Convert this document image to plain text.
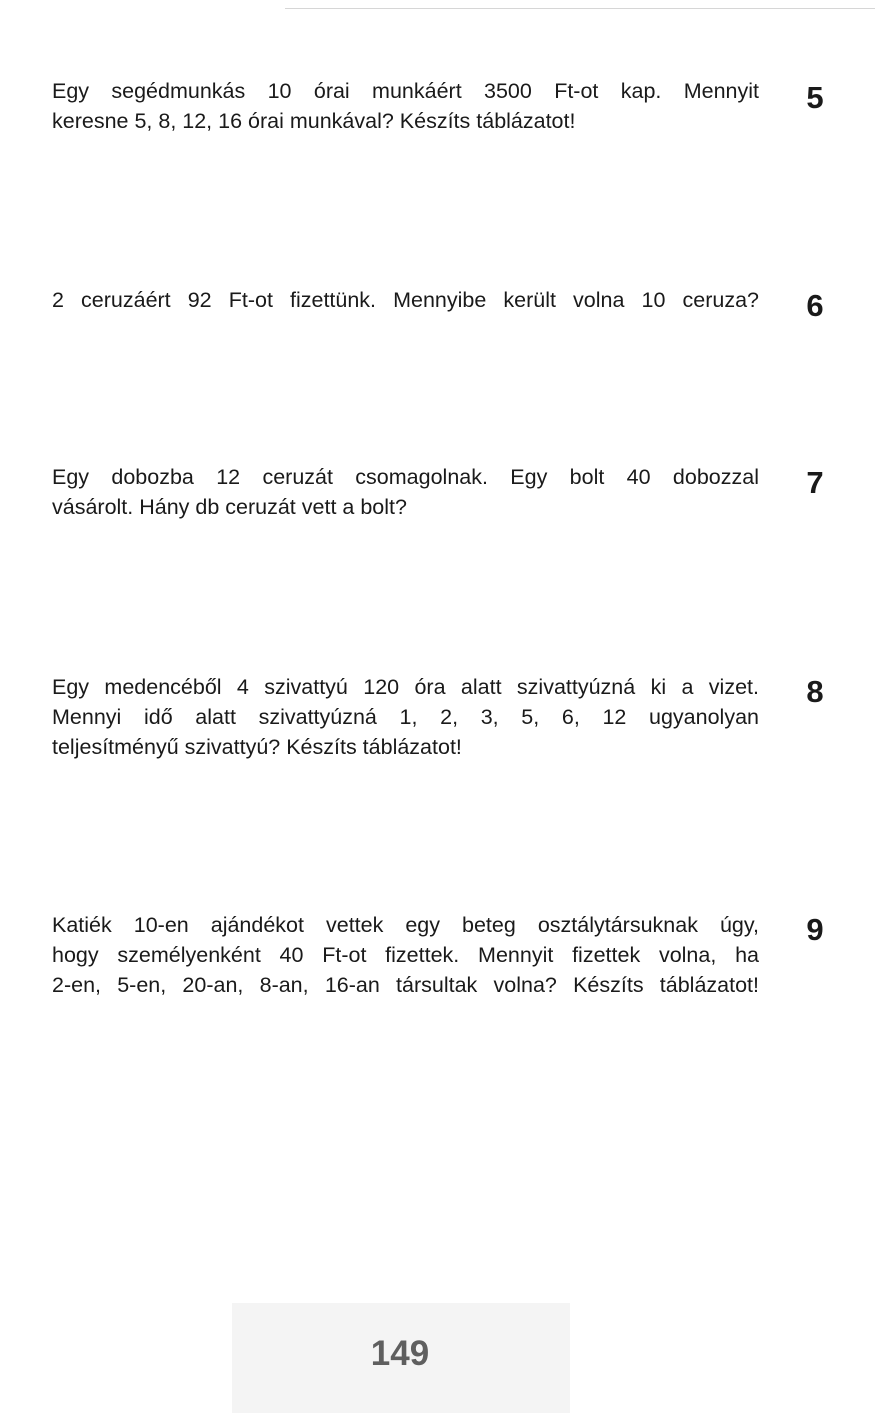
Egy segédmunkás 10 órai munkáért 3500 Ft-ot kap. Mennyit
keresne 5, 8, 12, 16 órai munkával? Készíts táblázatot!
5
2 ceruzáért 92 Ft-ot fizettünk. Mennyibe került volna 10 ceruza? 6
Egy dobozba 12 ceruzát csomagolnak. Egy bolt 40 dobozzal
vásárolt. Hány db ceruzát vett a bolt?
7
Egy medencéből 4 szivattyú 120 óra alatt szivattyúzná ki a vizet.
Mennyi idő alatt szivattyúzná 1, 2, 3, 5, 6, 12 ugyanolyan
teljesítményű szivattyú? Készíts táblázatot!
8
Katiék 10-en ajándékot vettek egy beteg osztálytársuknak úgy,
hogy személyenként 40 Ft-ot fizettek. Mennyit fizettek volna, ha
2-en, 5-en, 20-an, 8-an, 16-an társultak volna? Készíts táblázatot!
9
149
